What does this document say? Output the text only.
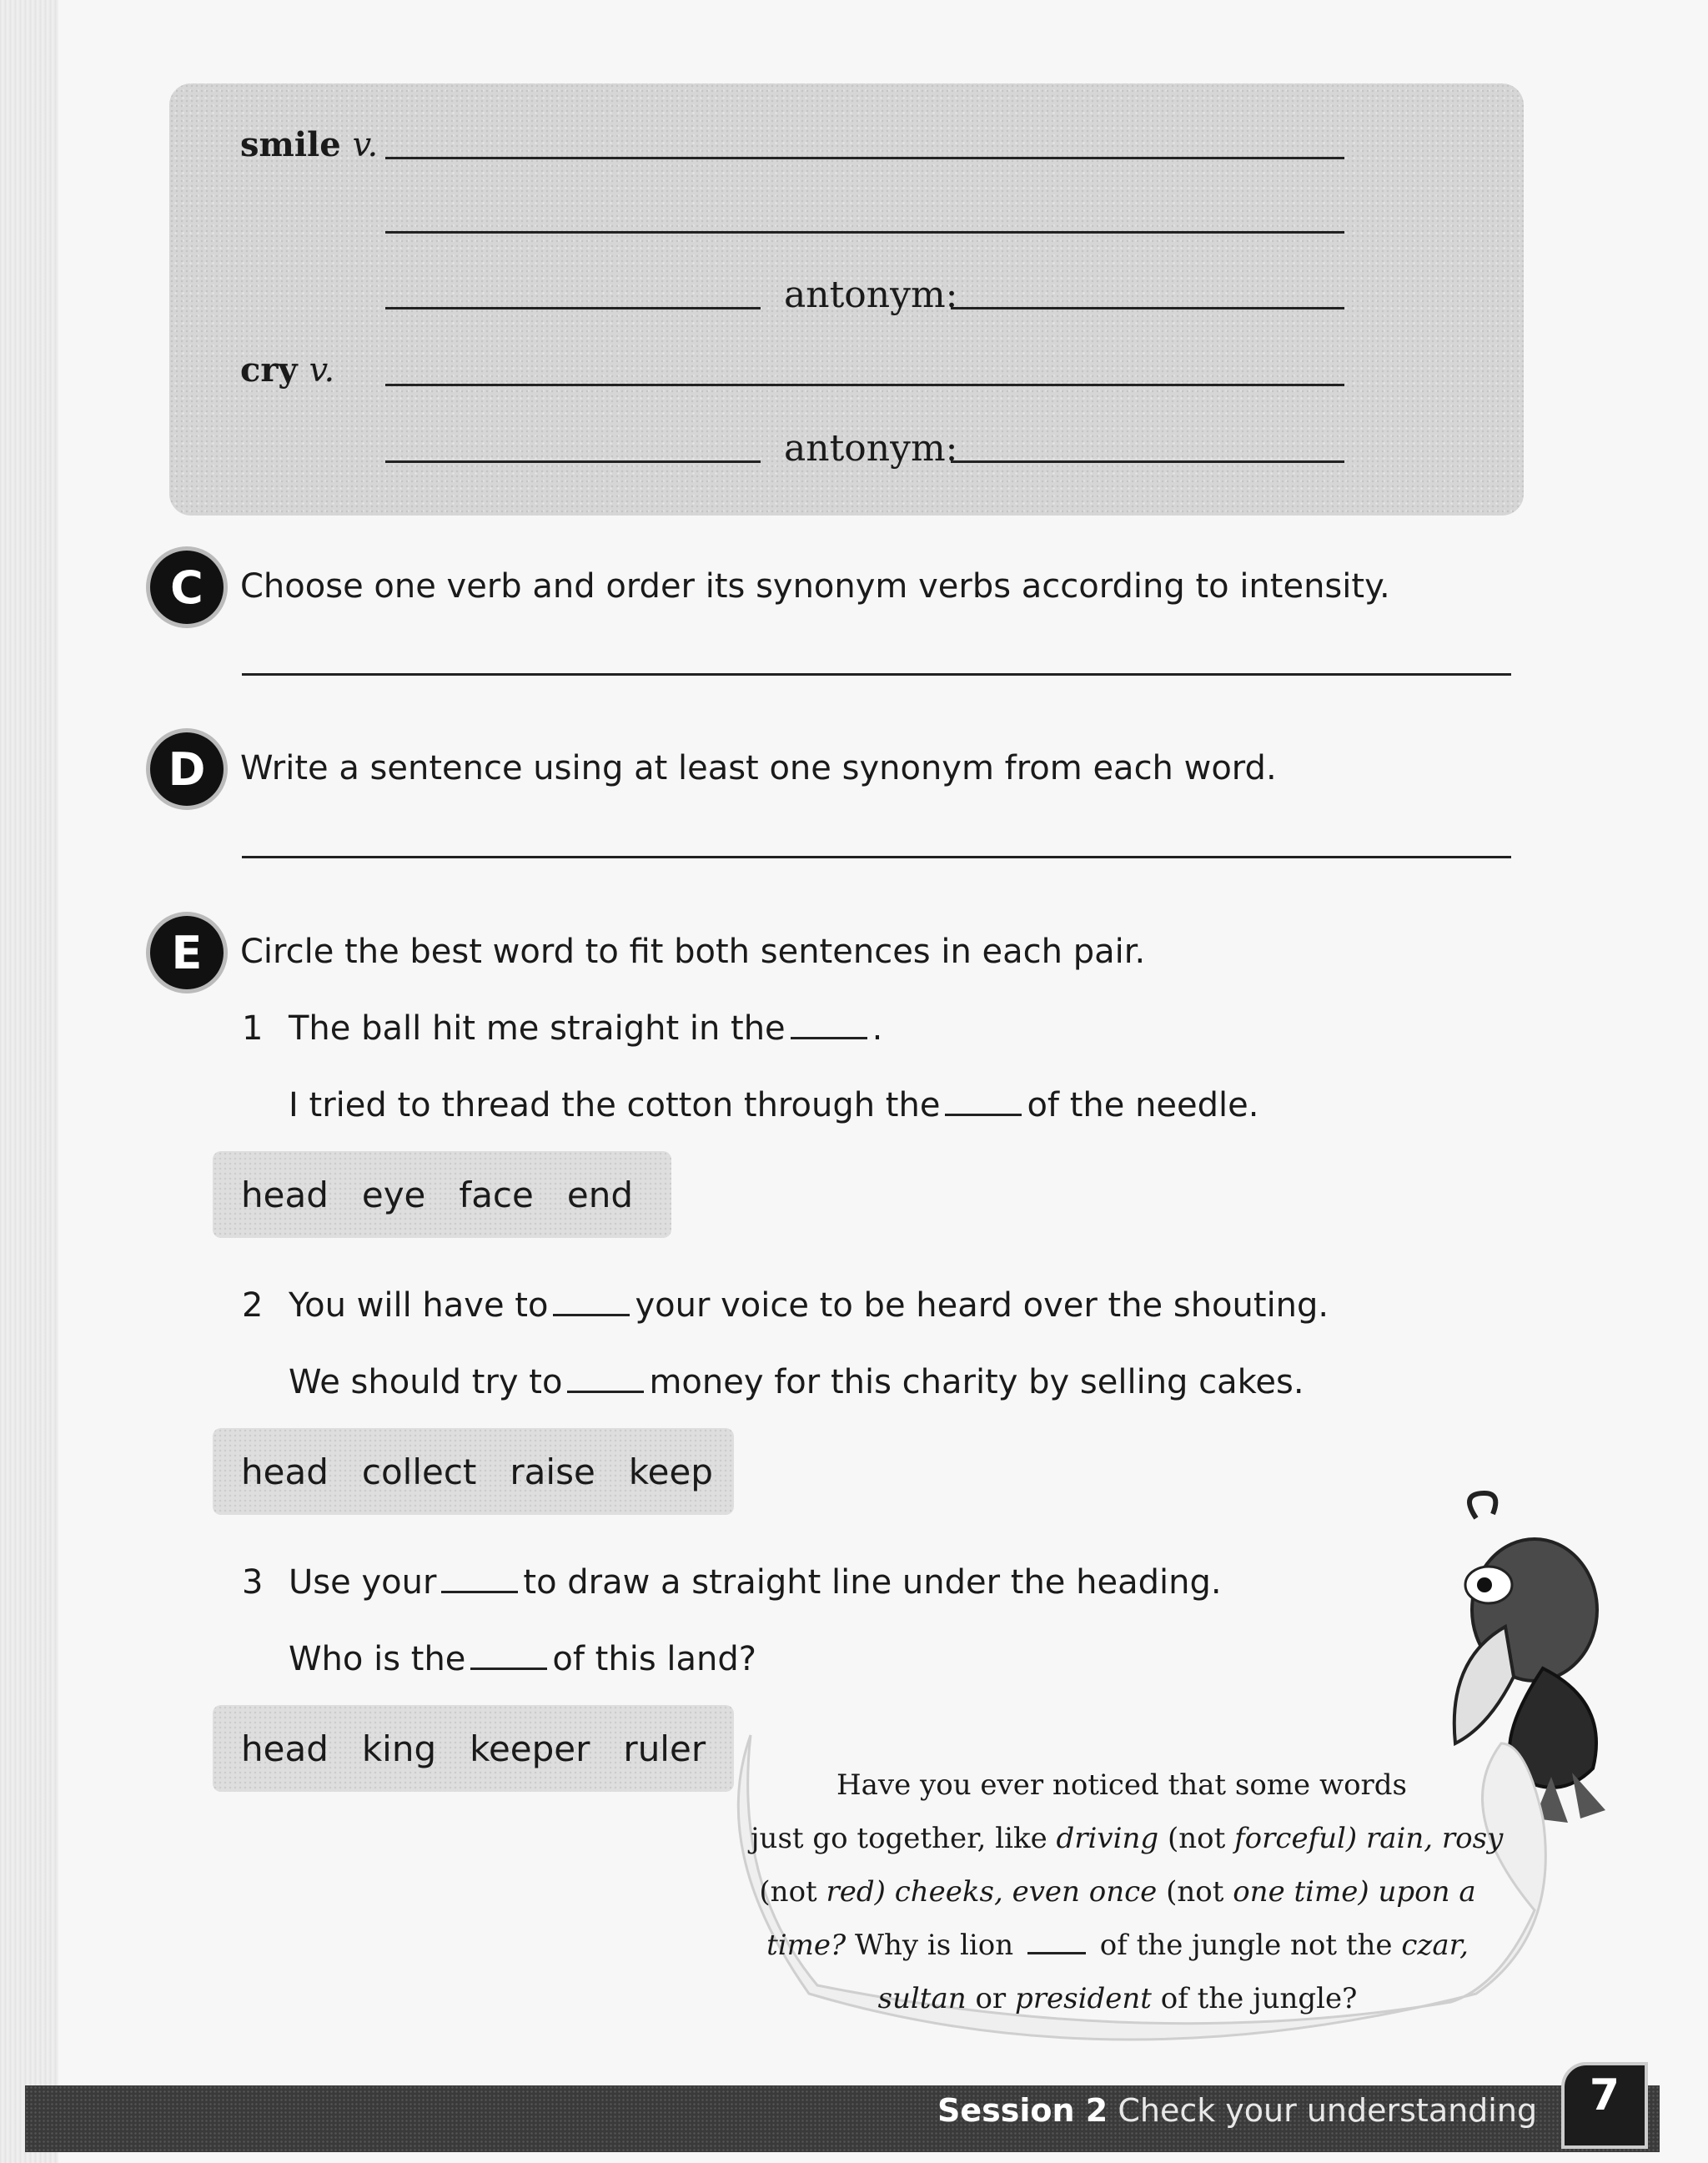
smile v.
antonym:
cry v.
antonym:
C	Choose one verb and order its synonym verbs according to intensity.
D	Write a sentence using at least one synonym from each word.
E	Circle the best word to fit both sentences in each pair.
1 The ball hit me straight in the	.
I tried to thread the cotton through the	of the needle.
head eye face end
2 You will have to	your voice to be heard over the shouting.
We should try to	money for this charity by selling cakes.
head collect raise keep
3 Use your	to draw a straight line under the heading.
Who is the	of this land?
head king keeper ruler
Have you ever noticed that some words
just go together, like driving (not forceful) rain, rosy
(not red) cheeks, even once (not one time) upon a
time? Why is lion	of the jungle not the czar,
sultan or president of the jungle?
Session 2 Check your understanding	7
